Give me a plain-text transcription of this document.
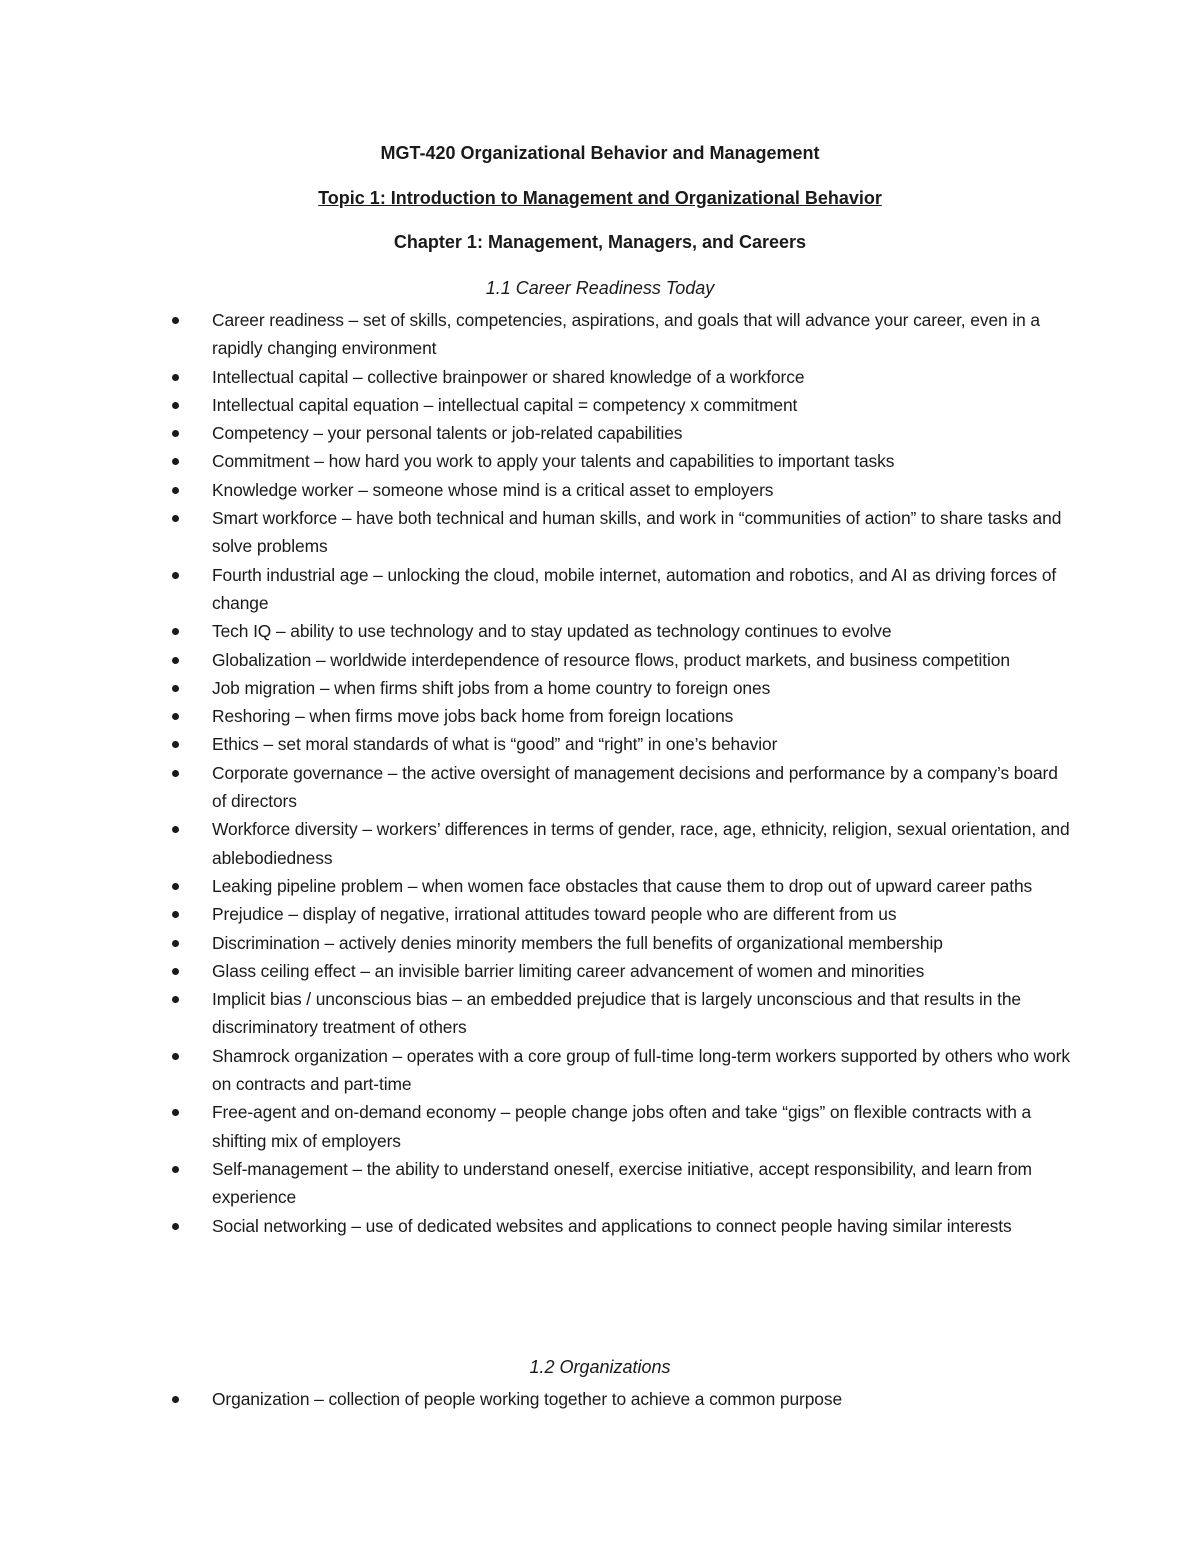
MGT-420 Organizational Behavior and Management
Topic 1: Introduction to Management and Organizational Behavior
Chapter 1: Management, Managers, and Careers
1.1 Career Readiness Today
Career readiness – set of skills, competencies, aspirations, and goals that will advance your career, even in a rapidly changing environment
Intellectual capital – collective brainpower or shared knowledge of a workforce
Intellectual capital equation – intellectual capital = competency x commitment
Competency – your personal talents or job-related capabilities
Commitment – how hard you work to apply your talents and capabilities to important tasks
Knowledge worker – someone whose mind is a critical asset to employers
Smart workforce – have both technical and human skills, and work in “communities of action” to share tasks and solve problems
Fourth industrial age – unlocking the cloud, mobile internet, automation and robotics, and AI as driving forces of change
Tech IQ – ability to use technology and to stay updated as technology continues to evolve
Globalization – worldwide interdependence of resource flows, product markets, and business competition
Job migration – when firms shift jobs from a home country to foreign ones
Reshoring – when firms move jobs back home from foreign locations
Ethics – set moral standards of what is “good” and “right” in one’s behavior
Corporate governance – the active oversight of management decisions and performance by a company’s board of directors
Workforce diversity – workers’ differences in terms of gender, race, age, ethnicity, religion, sexual orientation, and ablebodiedness
Leaking pipeline problem – when women face obstacles that cause them to drop out of upward career paths
Prejudice – display of negative, irrational attitudes toward people who are different from us
Discrimination – actively denies minority members the full benefits of organizational membership
Glass ceiling effect – an invisible barrier limiting career advancement of women and minorities
Implicit bias / unconscious bias – an embedded prejudice that is largely unconscious and that results in the discriminatory treatment of others
Shamrock organization – operates with a core group of full-time long-term workers supported by others who work on contracts and part-time
Free-agent and on-demand economy – people change jobs often and take “gigs” on flexible contracts with a shifting mix of employers
Self-management – the ability to understand oneself, exercise initiative, accept responsibility, and learn from experience
Social networking – use of dedicated websites and applications to connect people having similar interests
1.2 Organizations
Organization – collection of people working together to achieve a common purpose
